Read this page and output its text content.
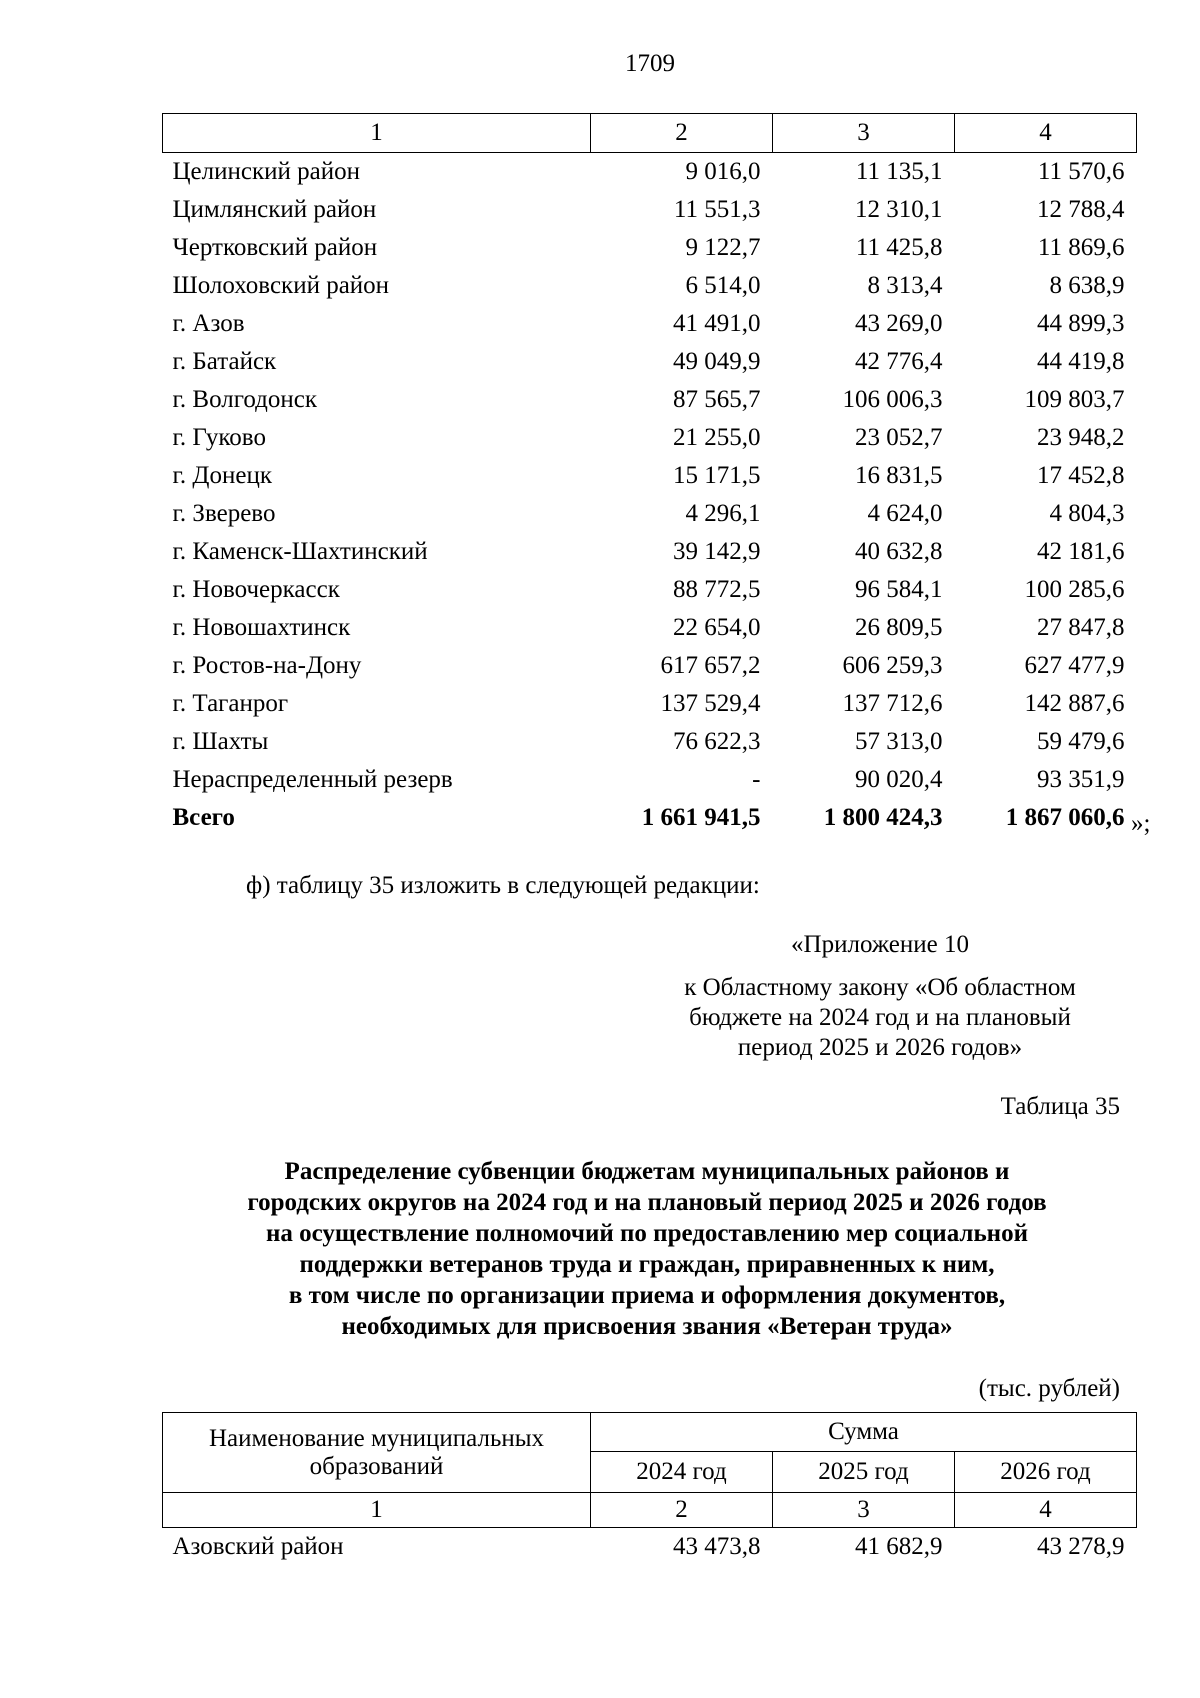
1709
1	2	3	4
Целинский район	9 016,0	11 135,1	11 570,6
Цимлянский район	11 551,3	12 310,1	12 788,4
Чертковский район	9 122,7	11 425,8	11 869,6
Шолоховский район	6 514,0	8 313,4	8 638,9
г. Азов	41 491,0	43 269,0	44 899,3
г. Батайск	49 049,9	42 776,4	44 419,8
г. Волгодонск	87 565,7	106 006,3	109 803,7
г. Гуково	21 255,0	23 052,7	23 948,2
г. Донецк	15 171,5	16 831,5	17 452,8
г. Зверево	4 296,1	4 624,0	4 804,3
г. Каменск-Шахтинский	39 142,9	40 632,8	42 181,6
г. Новочеркасск	88 772,5	96 584,1	100 285,6
г. Новошахтинск	22 654,0	26 809,5	27 847,8
г. Ростов-на-Дону	617 657,2	606 259,3	627 477,9
г. Таганрог	137 529,4	137 712,6	142 887,6
г. Шахты	76 622,3	57 313,0	59 479,6
Нераспределенный резерв	-	90 020,4	93 351,9
Всего	1 661 941,5	1 800 424,3	1 867 060,6 »;
ф) таблицу 35 изложить в следующей редакции:
«Приложение 10
к Областному закону «Об областном
бюджете на 2024 год и на плановый
период 2025 и 2026 годов»
Таблица 35
Распределение субвенции бюджетам муниципальных районов и
городских округов на 2024 год и на плановый период 2025 и 2026 годов
на осуществление полномочий по предоставлению мер социальной
поддержки ветеранов труда и граждан, приравненных к ним,
в том числе по организации приема и оформления документов,
необходимых для присвоения звания «Ветеран труда»
(тыс. рублей)
Наименование муниципальных
образований	Сумма		
	2024 год	2025 год	2026 год
1	2	3	4
Азовский район	43 473,8	41 682,9	43 278,9
